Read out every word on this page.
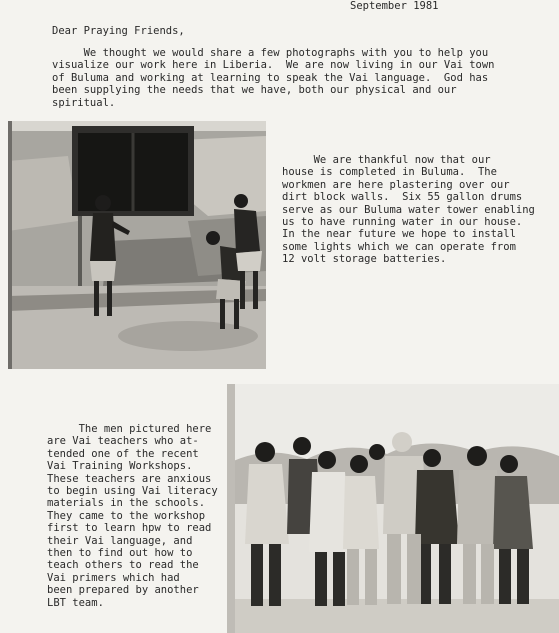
September 1981
Dear Praying Friends,

We thought we would share a few photographs with you to help you
visualize our work here in Liberia.  We are now living in our Vai town
of Buluma and working at learning to speak the Vai language.  God has
been supplying the needs that we have, both our physical and our
spiritual.

We are thankful now that our
house is completed in Buluma.  The
workmen are here plastering over our
dirt block walls.  Six 55 gallon drums
serve as our Buluma water tower enabling
us to have running water in our house.
In the near future we hope to install
some lights which we can operate from
12 volt storage batteries.

The men pictured here
are Vai teachers who at-
tended one of the recent
Vai Training Workshops.
These teachers are anxious
to begin using Vai literacy
materials in the schools.
They came to the workshop
first to learn hpw to read
their Vai language, and
then to find out how to
teach others to read the
Vai primers which had
been prepared by another
LBT team.
